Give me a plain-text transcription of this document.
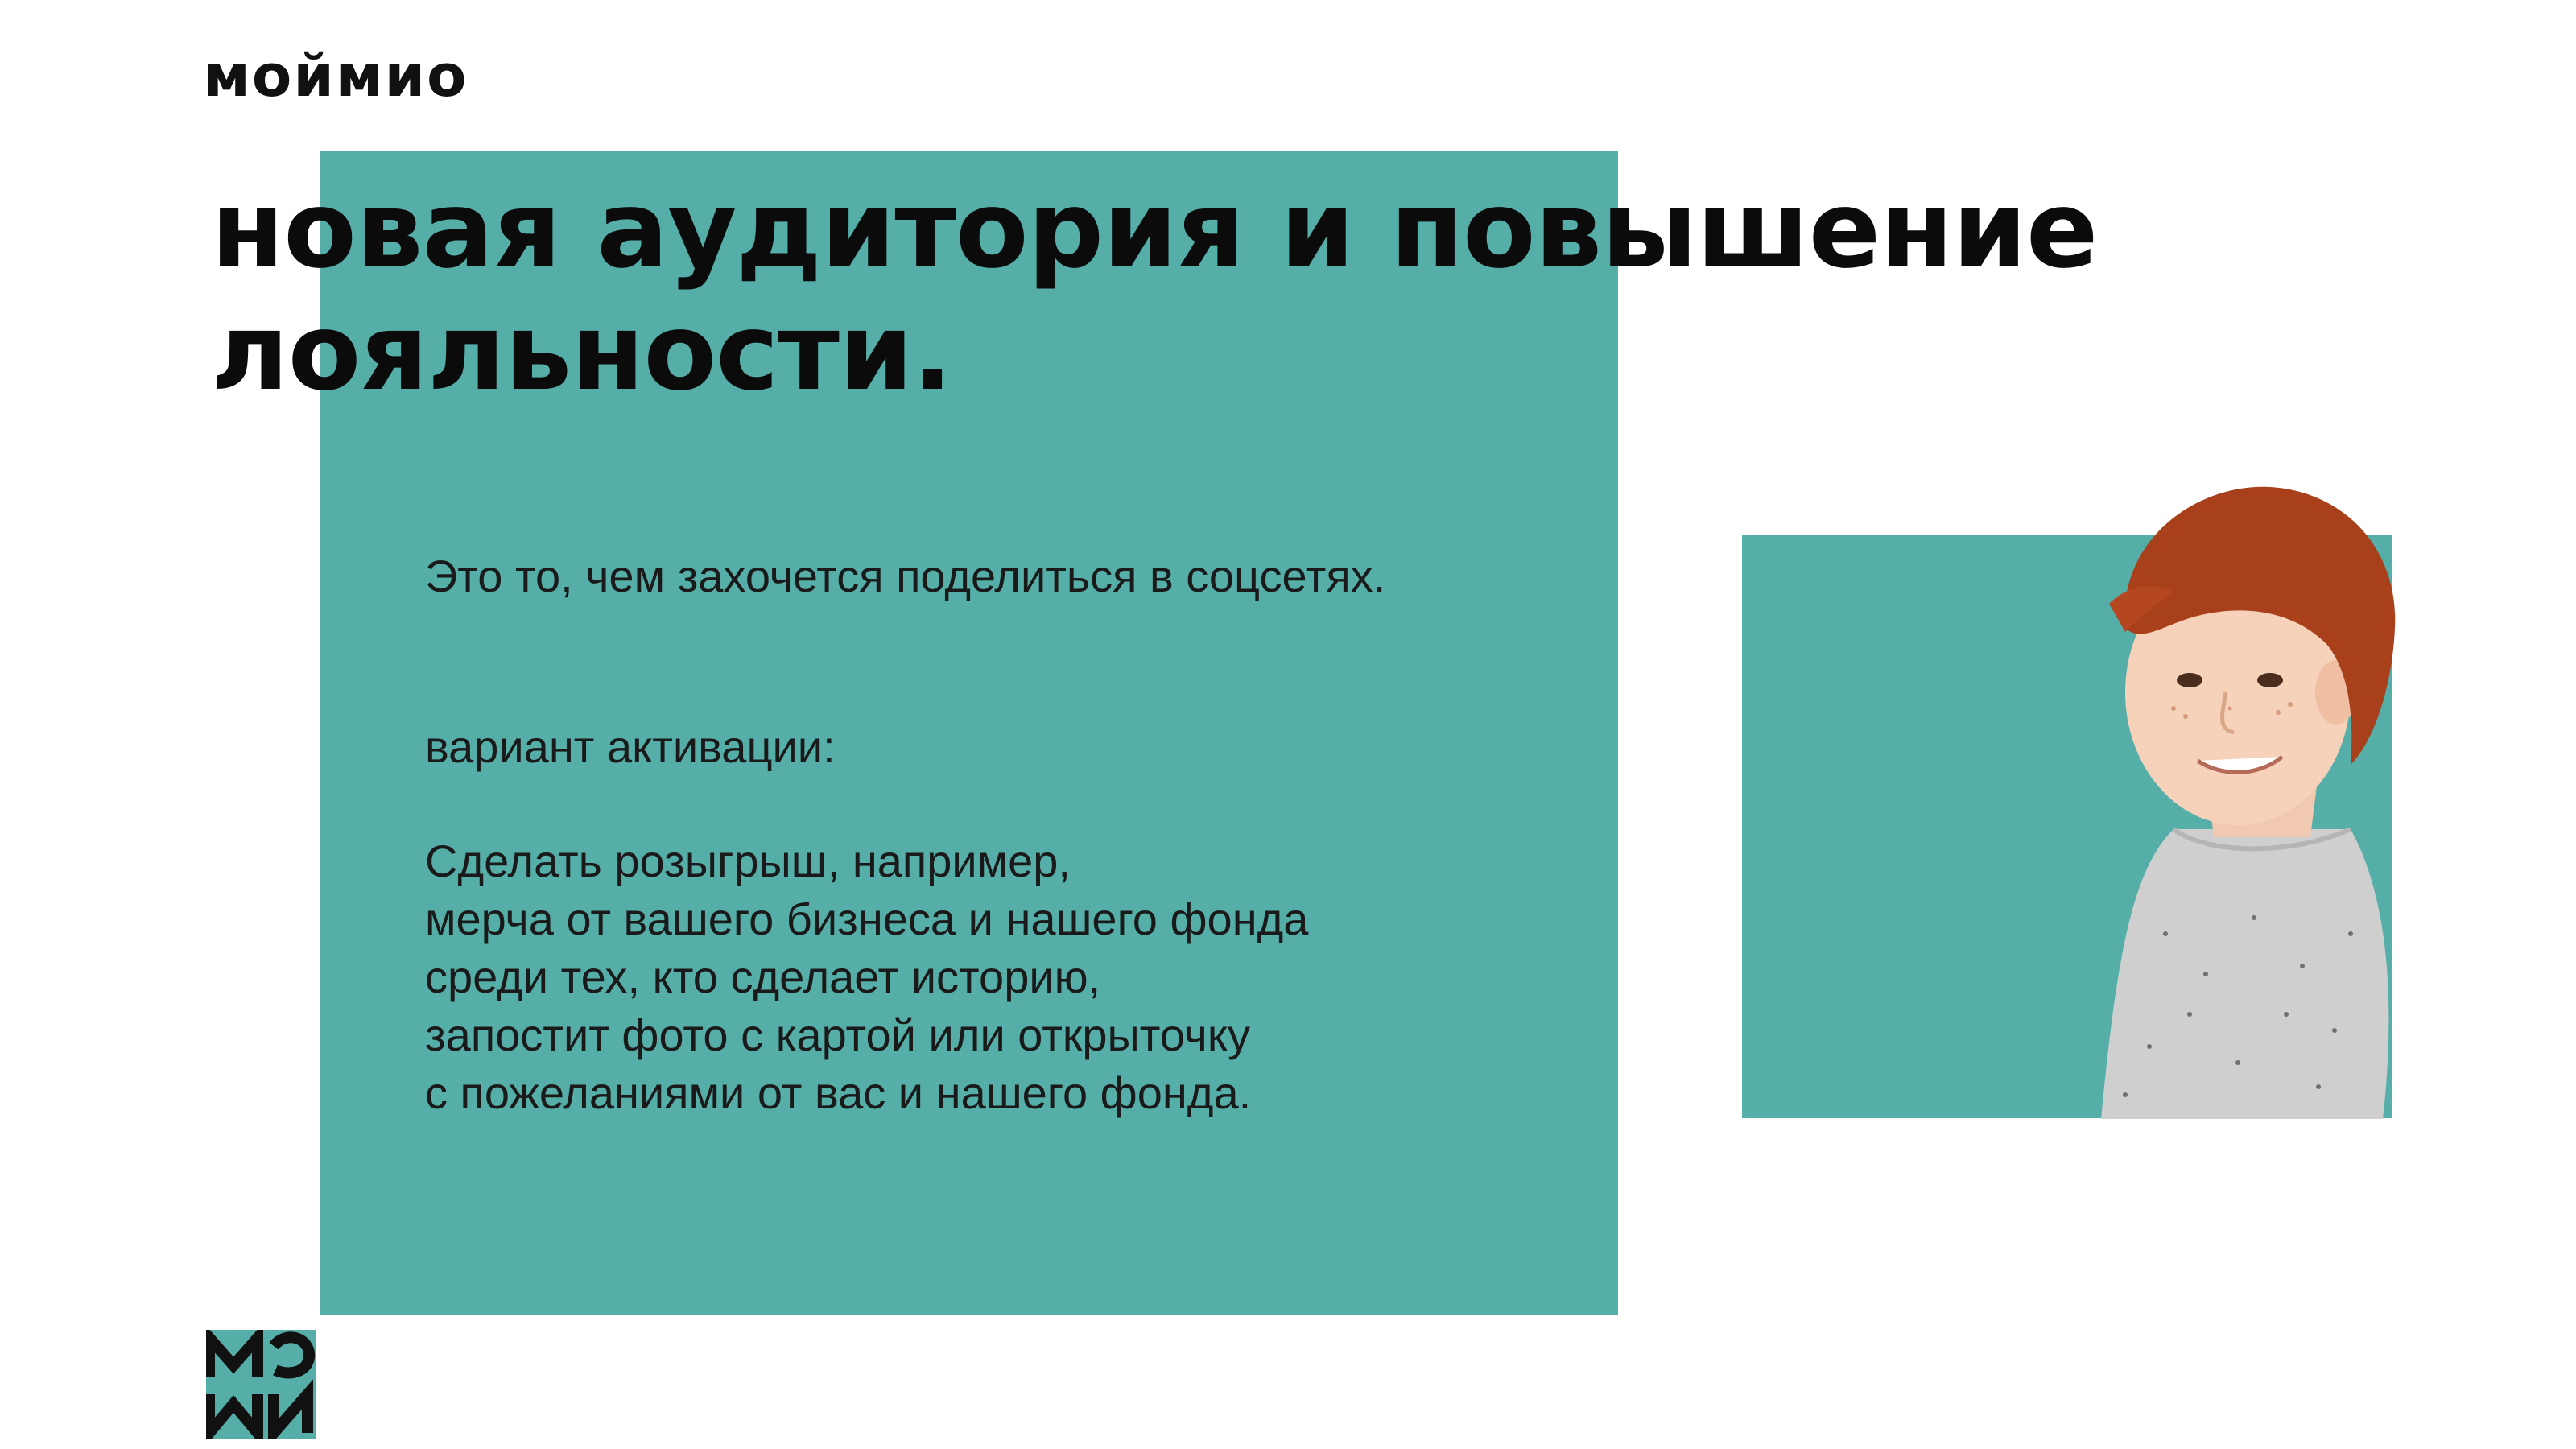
моймио
новая аудитория и повышение
лояльности.

Это то, чем захочется поделиться в соцсетях.

вариант активации:

Сделать розыгрыш, например,

мерча от вашего бизнеса и нашего фонда

среди тех, кто сделает историю,

запостит фото с картой или открыточку

с пожеланиями от вас и нашего фонда.
